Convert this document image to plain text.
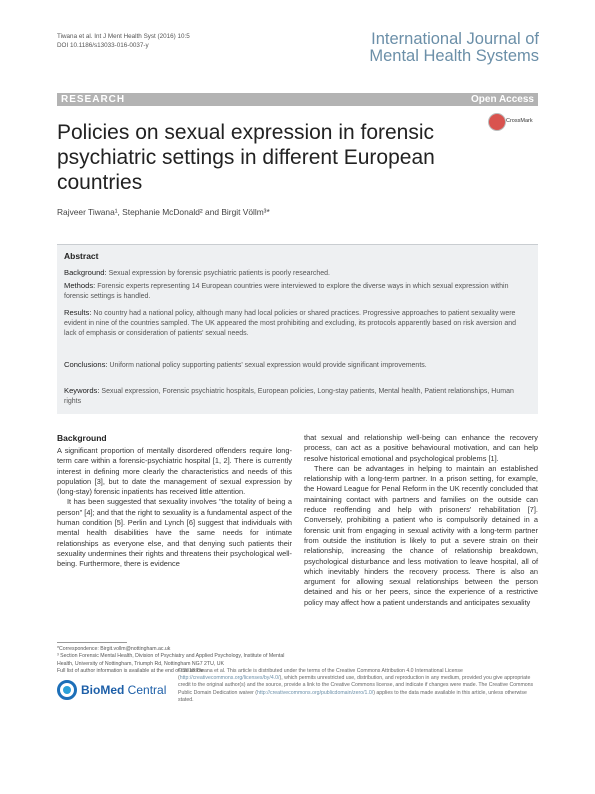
Tiwana et al. Int J Ment Health Syst (2016) 10:5
DOI 10.1186/s13033-016-0037-y	International Journal of
Mental Health Systems
RESEARCH	Open Access
Policies on sexual expression in forensic psychiatric settings in different European countries
CrossMark
Rajveer Tiwana¹, Stephanie McDonald² and Birgit Völlm³*
Abstract
Background: Sexual expression by forensic psychiatric patients is poorly researched.
Methods: Forensic experts representing 14 European countries were interviewed to explore the diverse ways in which sexual expression within forensic settings is handled.
Results: No country had a national policy, although many had local policies or shared practices. Progressive approaches to patient sexuality were evident in nine of the countries sampled. The UK appeared the most prohibiting and excluding, its protocols apparently based on risk aversion and lack of emphasis or consideration of patients' sexual needs.
Conclusions: Uniform national policy supporting patients' sexual expression would provide significant improvements.
Keywords: Sexual expression, Forensic psychiatric hospitals, European policies, Long-stay patients, Mental health, Patient relationships, Human rights
Background

A significant proportion of mentally disordered offenders require long-term care within a forensic-psychiatric hospital [1, 2]. There is currently interest in defining more clearly the characteristics and needs of this population [3], but to date the management of sexual expression by (long-stay) forensic inpatients has received little attention.

It has been suggested that sexuality involves "the totality of being a person" [4]; and that the right to sexuality is a fundamental aspect of the human condition [5]. Perlin and Lynch [6] suggest that individuals with mental health disabilities have the same needs for intimate relationships as everyone else, and that denying such patients their sexuality undermines their rights and threatens their psychological well-being. Furthermore, there is evidence

that sexual and relationship well-being can enhance the recovery process, can act as a positive behavioural motivation, and can help resolve historical emotional and psychological problems [1].

There can be advantages in helping to maintain an established relationship with a long-term partner. In a prison setting, for example, the Howard League for Penal Reform in the UK recently concluded that maintaining contact with partners and families on the outside can reduce reoffending and help with prisoners' rehabilitation [7]. Conversely, prohibiting a patient who is compulsorily detained in a forensic unit from engaging in sexual activity with a long-term partner from outside the institution is likely to put a severe strain on their relationship, increasing the chance of relationship breakdown, psychological disturbance and less motivation to leave hospital, all of which inevitably hinders the recovery process. There is also an argument for allowing sexual relationships between the person detained and his or her peers, since the experience of a restrictive policy may affect how a patient understands and anticipates sexuality

*Correspondence: Birgit.vollm@nottingham.ac.uk
³ Section Forensic Mental Health, Division of Psychiatry and Applied Psychology, Institute of Mental Health, University of Nottingham, Triumph Rd, Nottingham NG7 2TU, UK
Full list of author information is available at the end of the article
BioMed Central
© 2016 Tiwana et al. This article is distributed under the terms of the Creative Commons Attribution 4.0 International License (http://creativecommons.org/licenses/by/4.0/), which permits unrestricted use, distribution, and reproduction in any medium, provided you give appropriate credit to the original author(s) and the source, provide a link to the Creative Commons license, and indicate if changes were made. The Creative Commons Public Domain Dedication waiver (http://creativecommons.org/publicdomain/zero/1.0/) applies to the data made available in this article, unless otherwise stated.
